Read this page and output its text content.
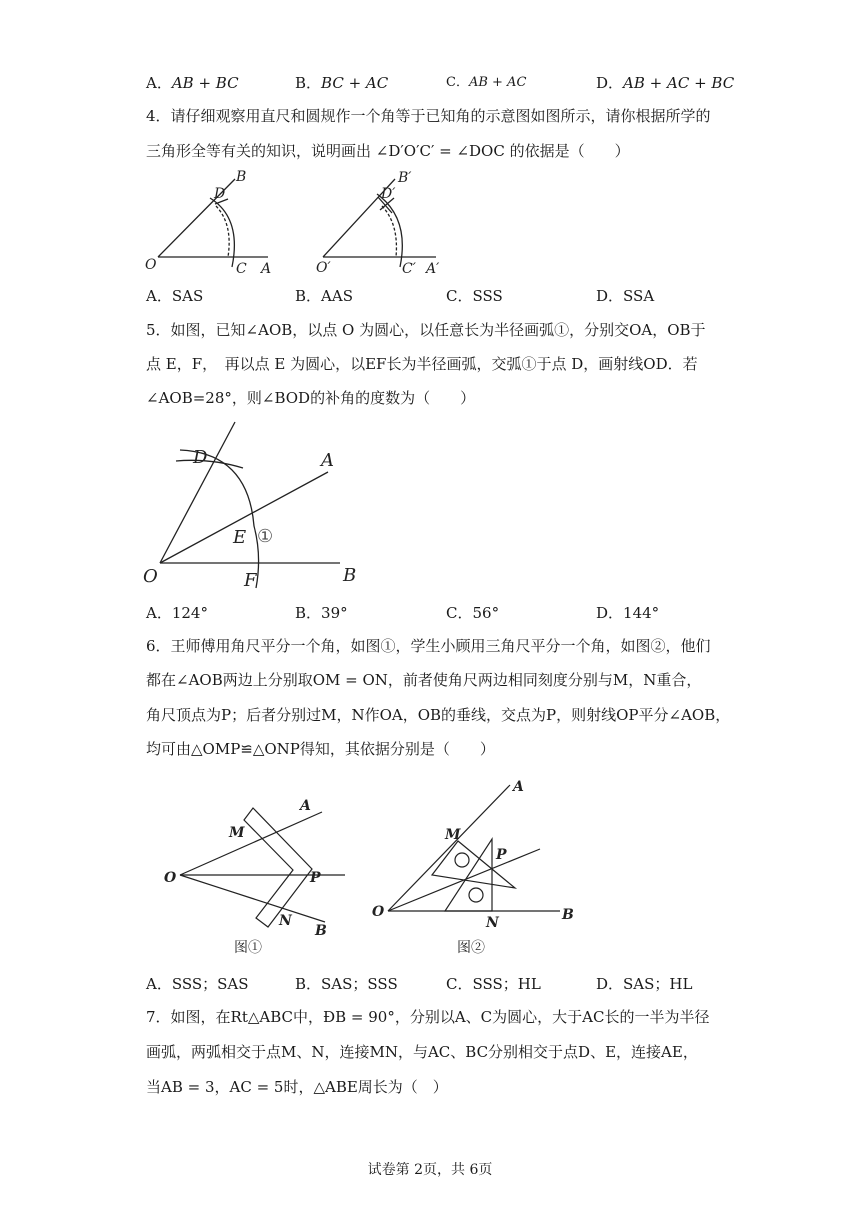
A．AB + BC	B．BC + AC	C．AB + AC	D．AB + AC + BC
4．请仔细观察用直尺和圆规作一个角等于已知角的示意图如图所示，请你根据所学的
三角形全等有关的知识，说明画出 ∠D′O′C′ = ∠DOC 的依据是（　　）
B
D
O	C A
B′
D′
O′	C′ A′
A．SAS	B．AAS	C．SSS	D．SSA
5．如图，已知∠AOB，以点 O 为圆心，以任意长为半径画弧①，分别交OA，OB于
点 E，F，　再以点 E 为圆心，以EF长为半径画弧，交弧①于点 D，画射线OD．若
∠AOB=28°，则∠BOD的补角的度数为（　　）
D	A
E ①
O	F	B
A．124°	B．39°	C．56°	D．144°
6．王师傅用角尺平分一个角，如图①，学生小顾用三角尺平分一个角，如图②，他们
都在∠AOB两边上分别取OM = ON，前者使角尺两边相同刻度分别与M，N重合，
角尺顶点为P；后者分别过M，N作OA，OB的垂线，交点为P，则射线OP平分∠AOB，
均可由△OMP≌△ONP得知，其依据分别是（　　）
A
M
O	P
N
B
图①
A
M
P
O
N	B
图②
A．SSS；SAS	B．SAS；SSS	C．SSS；HL	D．SAS；HL
7．如图，在Rt△ABC中，ÐB = 90°，分别以A、C为圆心，大于AC长的一半为半径
画弧，两弧相交于点M、N，连接MN，与AC、BC分别相交于点D、E，连接AE，
当AB = 3，AC = 5时，△ABE周长为（　）
试卷第 2页，共 6页
